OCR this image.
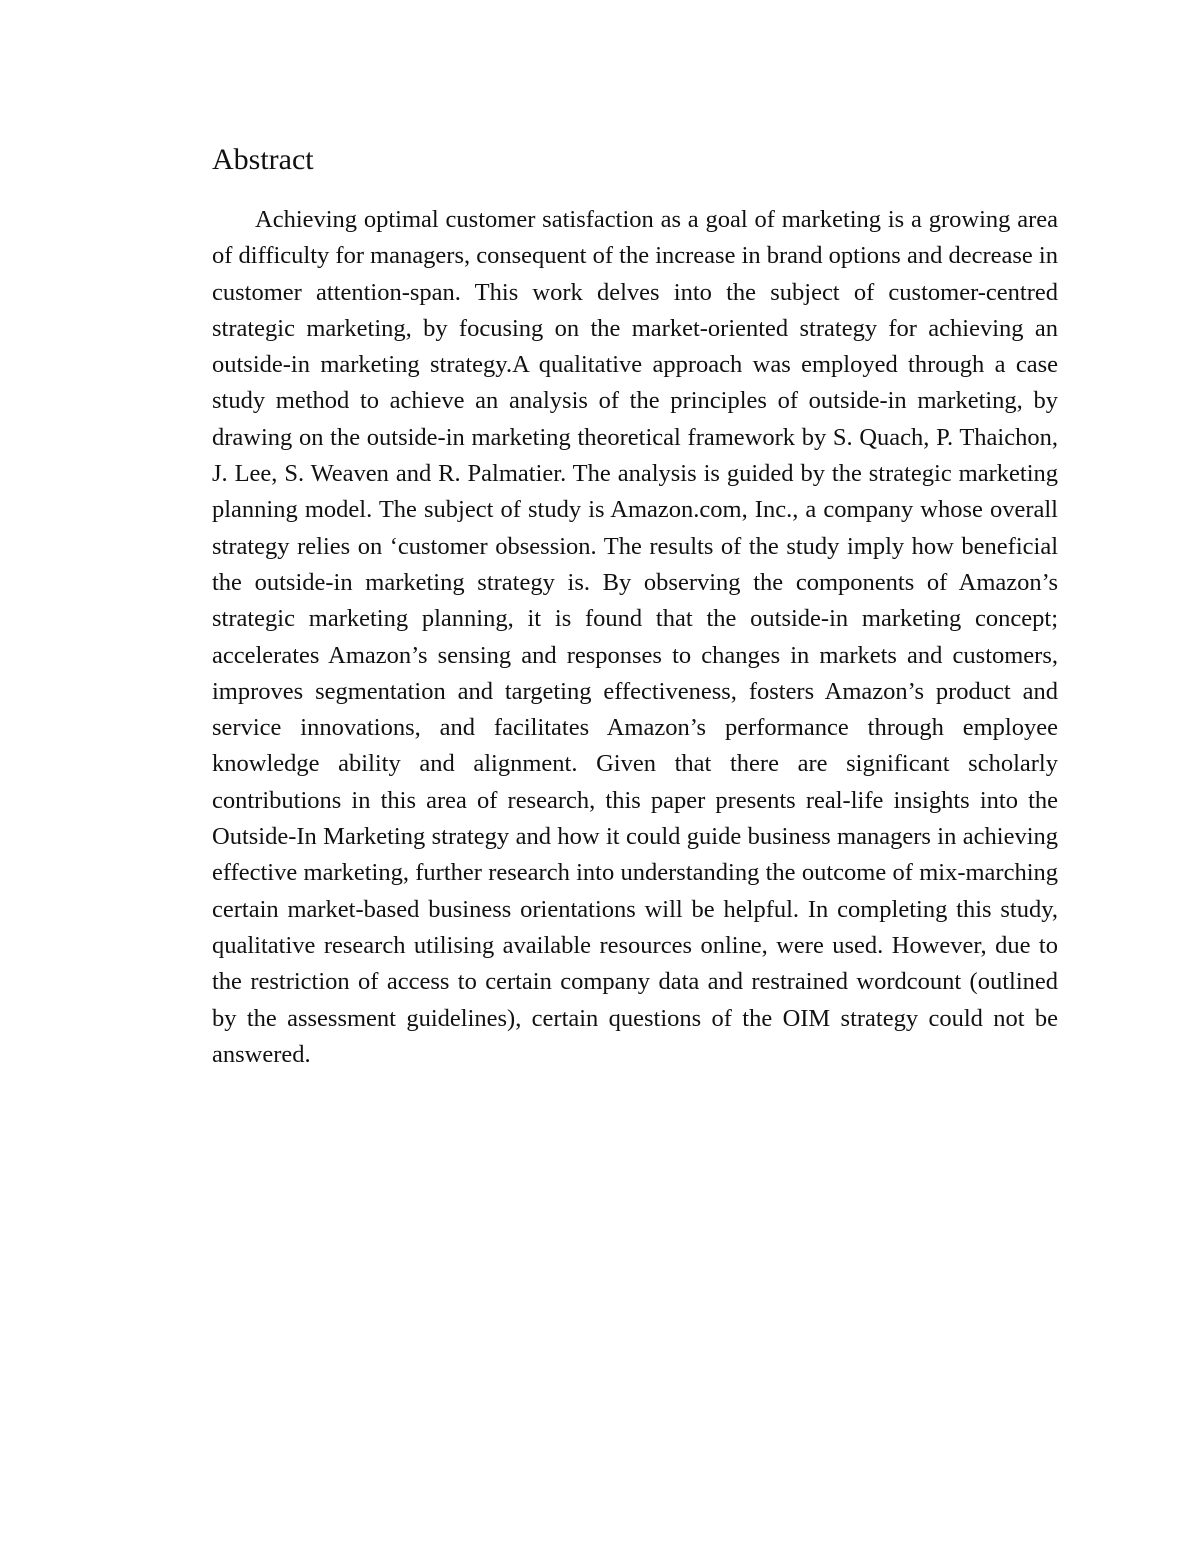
Abstract

Achieving optimal customer satisfaction as a goal of marketing is a growing area of difficulty for managers, consequent of the increase in brand options and decrease in customer attention-span. This work delves into the subject of customer-centred strategic marketing, by focusing on the market-oriented strategy for achieving an outside-in marketing strategy.A qualitative approach was employed through a case study method to achieve an analysis of the principles of outside-in marketing, by drawing on the outside-in marketing theoretical framework by S. Quach, P. Thaichon, J. Lee, S. Weaven and R. Palmatier. The analysis is guided by the strategic marketing planning model. The subject of study is Amazon.com, Inc., a company whose overall strategy relies on ‘customer obsession. The results of the study imply how beneficial the outside-in marketing strategy is. By observing the components of Amazon’s strategic marketing planning, it is found that the outside-in marketing concept; accelerates Amazon’s sensing and responses to changes in markets and customers, improves segmentation and targeting effectiveness, fosters Amazon’s product and service innovations, and facilitates Amazon’s performance through employee knowledge ability and alignment. Given that there are significant scholarly contributions in this area of research, this paper presents real-life insights into the Outside-In Marketing strategy and how it could guide business managers in achieving effective marketing, further research into understanding the outcome of mix-marching certain market-based business orientations will be helpful. In completing this study, qualitative research utilising available resources online, were used. However, due to the restriction of access to certain company data and restrained wordcount (outlined by the assessment guidelines), certain questions of the OIM strategy could not be answered.
